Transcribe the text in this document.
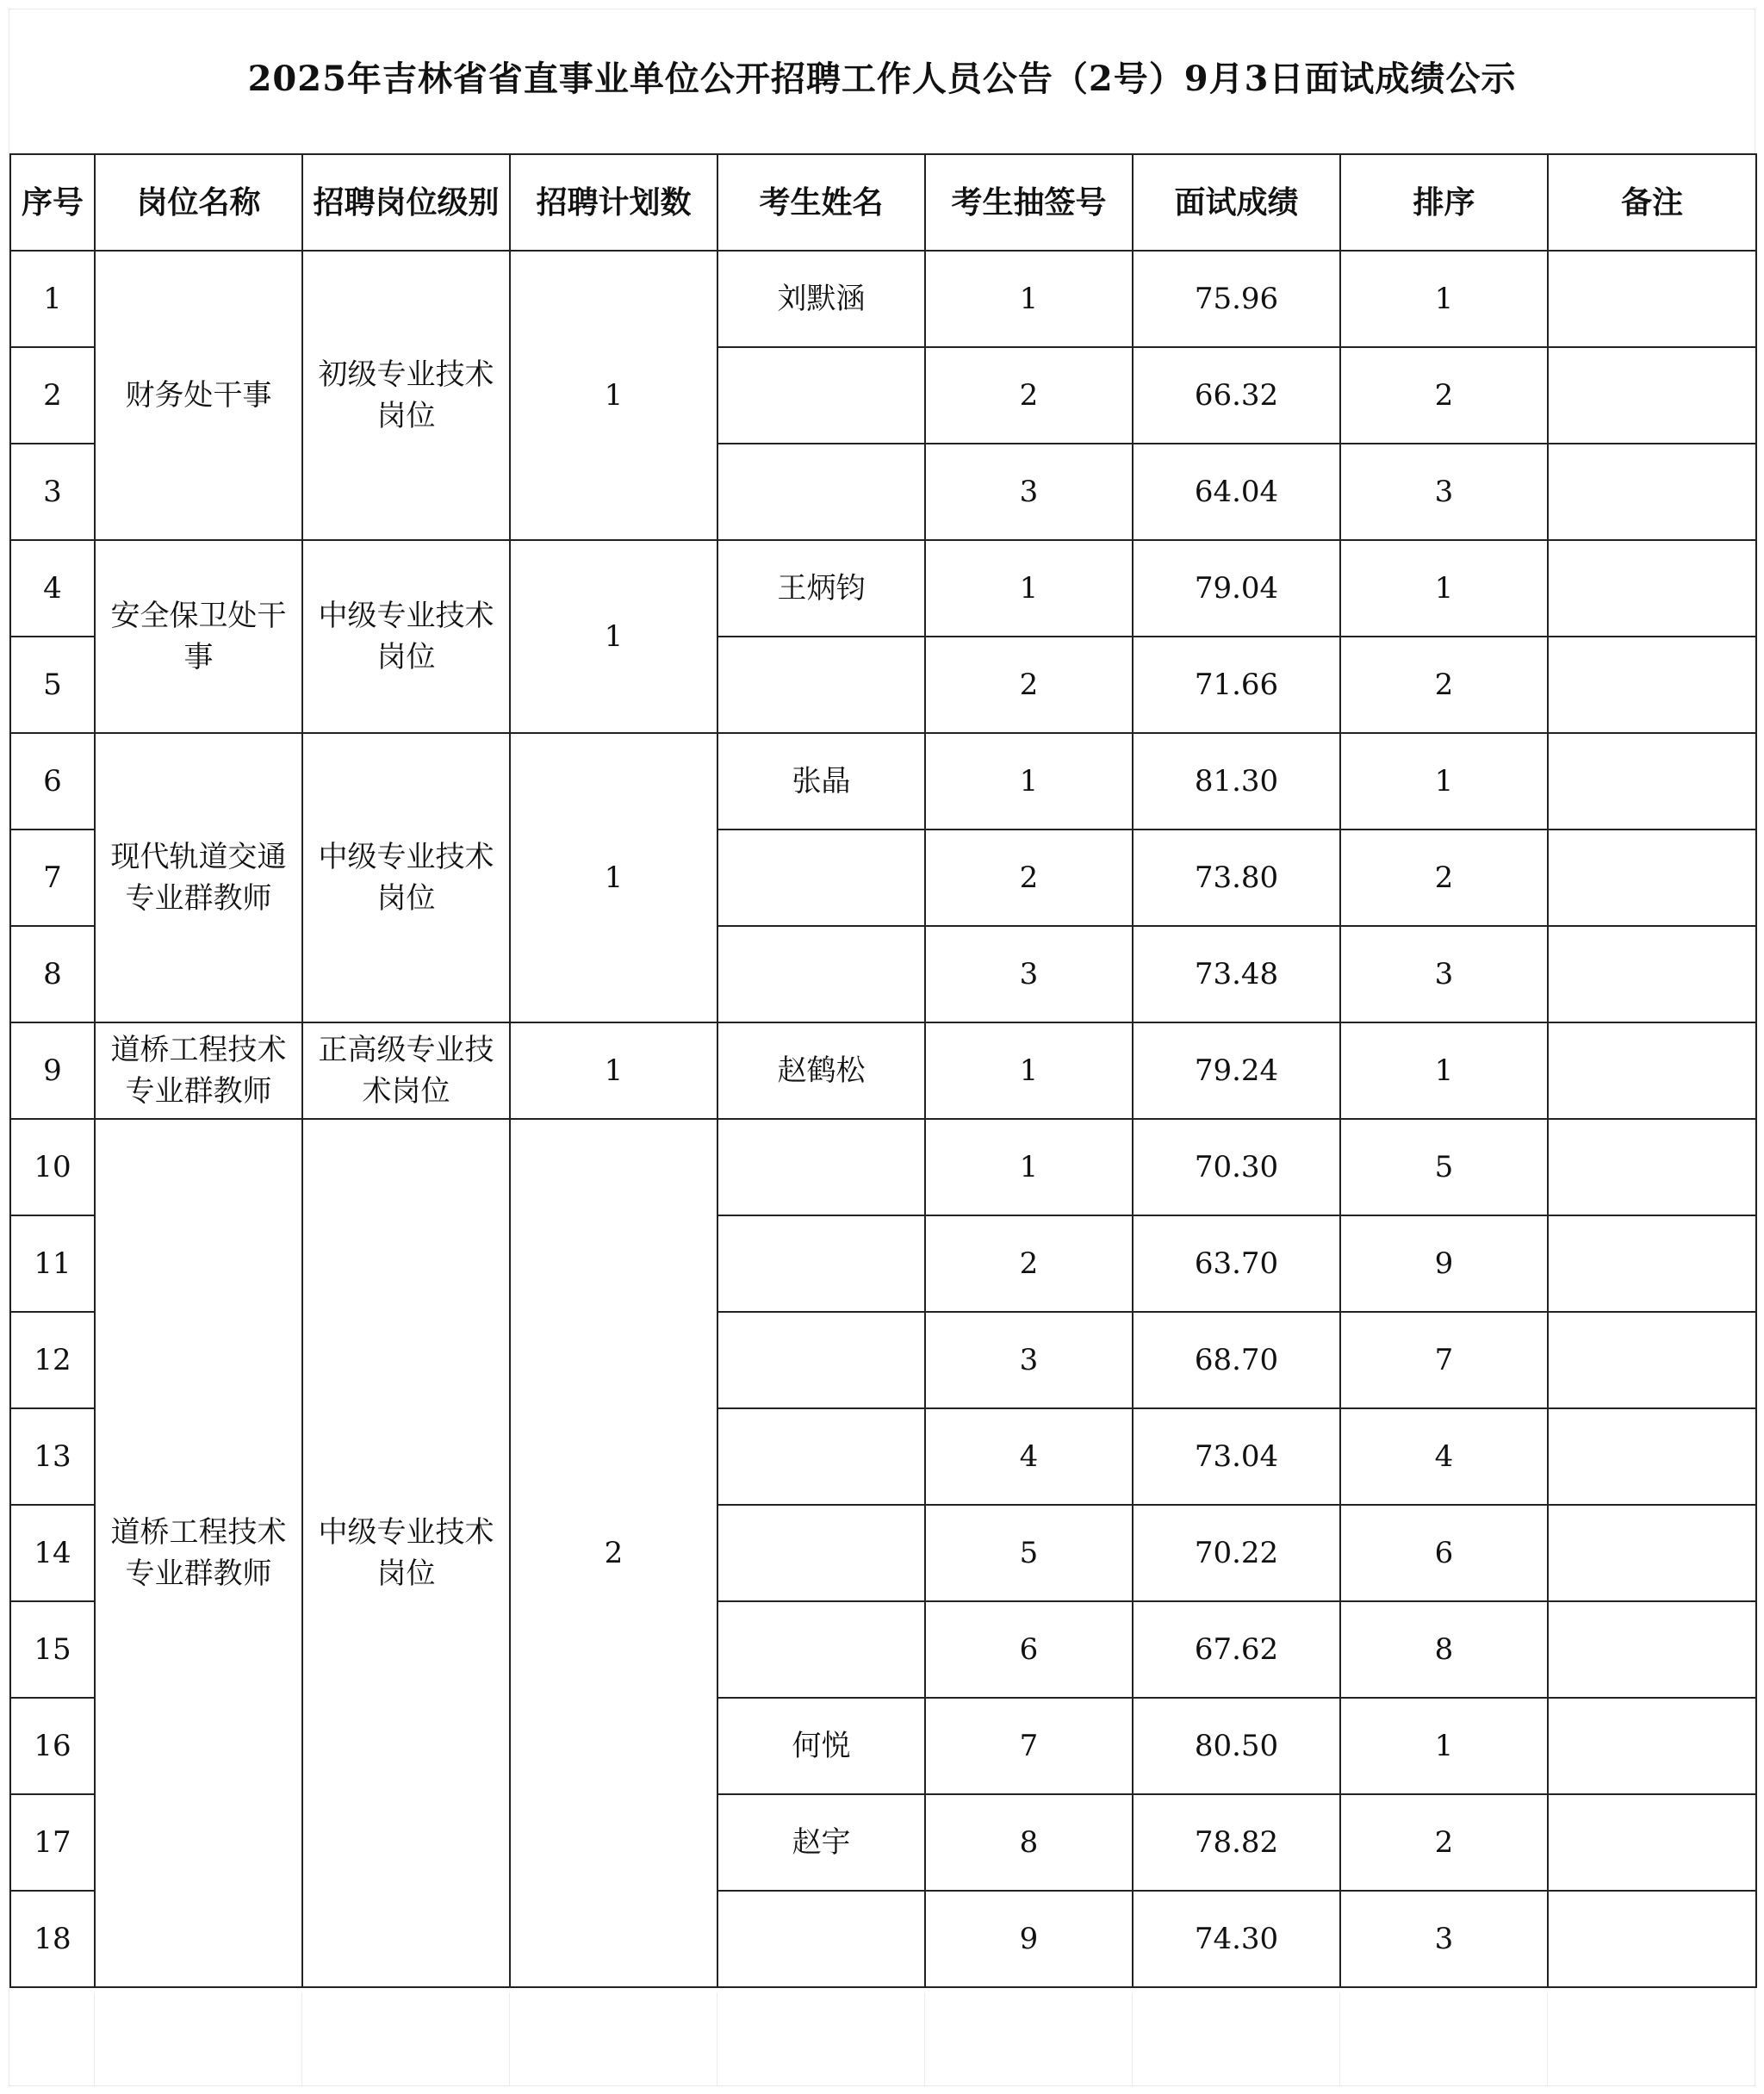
2025年吉林省省直事业单位公开招聘工作人员公告（2号）9月3日面试成绩公示
序号	岗位名称	招聘岗位级别	招聘计划数	考生姓名	考生抽签号	面试成绩	排序	备注
1	财务处干事	初级专业技术岗位	1	刘默涵	1	75.96	1	
2					2	66.32	2	
3					3	64.04	3	
4	安全保卫处干事	中级专业技术岗位	1	王炳钧	1	79.04	1	
5					2	71.66	2	
6	现代轨道交通专业群教师	中级专业技术岗位	1	张晶	1	81.30	1	
7					2	73.80	2	
8					3	73.48	3	
9	道桥工程技术专业群教师	正高级专业技术岗位	1	赵鹤松	1	79.24	1	
10	道桥工程技术专业群教师	中级专业技术岗位	2		1	70.30	5	
11					2	63.70	9	
12					3	68.70	7	
13					4	73.04	4	
14					5	70.22	6	
15					6	67.62	8	
16				何悦	7	80.50	1	
17				赵宇	8	78.82	2	
18					9	74.30	3	
